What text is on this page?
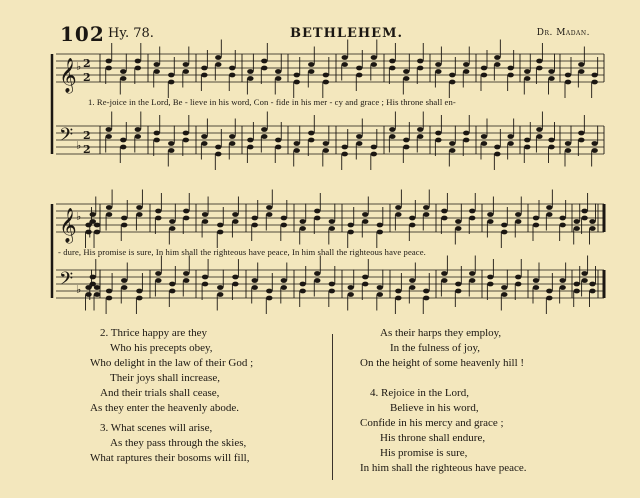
102 Hy. 78.	BETHLEHEM.	Dr. Madan.
𝄞 ♭ 2
2
𝄢 ♭
2
2
𝄞 ♭
𝄢 ♭
1. Re-joice in the Lord, Be - lieve in his word, Con - fide in his mer - cy and grace ; His throne shall en-
- dure, His promise is sure, In him shall the righteous have peace, In him shall the righteous have peace.
2. Thrice happy are they
Who his precepts obey,
Who delight in the law of their God ;
Their joys shall increase,
And their trials shall cease,
As they enter the heavenly abode.
3. What scenes will arise,
As they pass through the skies,
What raptures their bosoms will fill,
As their harps they employ,
In the fulness of joy,
On the height of some heavenly hill !

4. Rejoice in the Lord,
Believe in his word,
Confide in his mercy and grace ;
His throne shall endure,
His promise is sure,
In him shall the righteous have peace.
